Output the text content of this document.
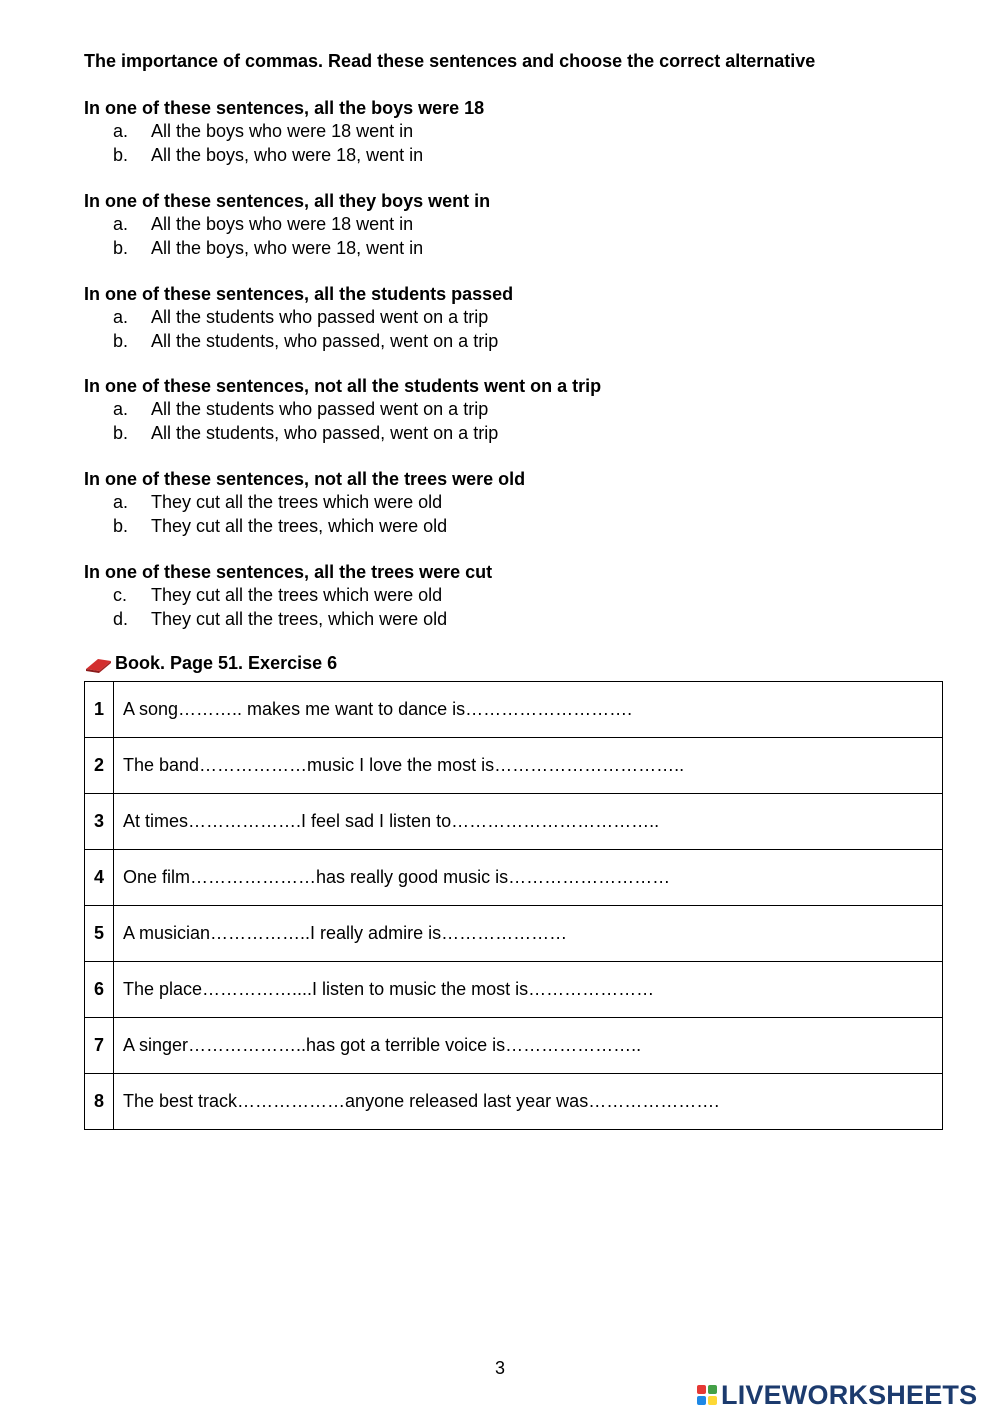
The importance of commas. Read these sentences and choose the correct alternative
In one of these sentences, all the boys were 18
a.	All the boys who were 18 went in
b.	All the boys, who were 18, went in
In one of these sentences, all they boys went in
a.	All the boys who were 18 went in
b.	All the boys, who were 18, went in
In one of these sentences, all the students passed
a.	All the students who passed went on a trip
b.	All the students, who passed, went on a trip
In one of these sentences, not all the students went on a trip
a.	All the students who passed went on a trip
b.	All the students, who passed, went on a trip
In one of these sentences, not all the trees were old
a.	They cut all the trees which were old
b.	They cut all the trees, which were old
In one of these sentences, all the trees were cut
c.	They cut all the trees which were old
d.	They cut all the trees, which were old
Book. Page 51. Exercise 6
1	A song……….. makes me want to dance is……………………….
2	The band………………music I love the most is…………………………..
3	At times……………….I feel sad I listen to……………………………..
4	One film…………………has really good music is………………………
5	A musician……………..I really admire is…………………
6	The place……………....I listen to music the most is…………………
7	A singer………………..has got a terrible voice is…………………..
8	The best track………………anyone released last year was………………….
3
LIVEWORKSHEETS
